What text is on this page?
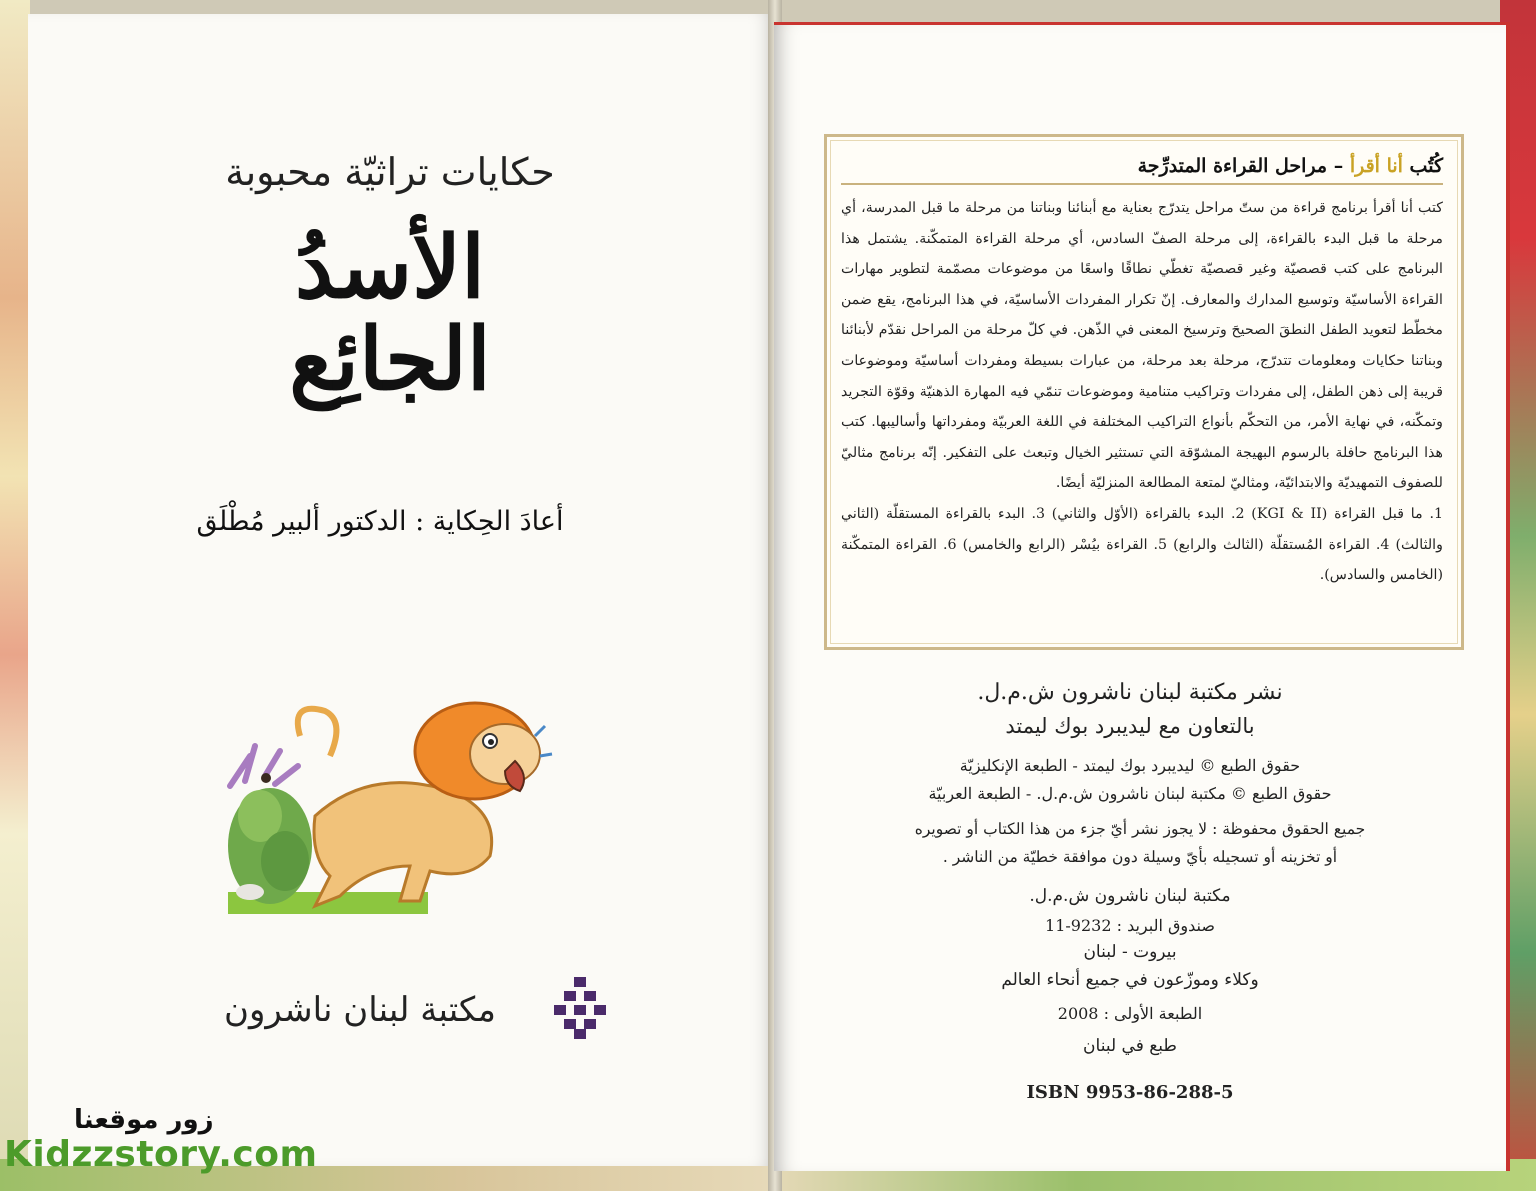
حكايات تراثيّة محبوبة
الأسدُ
الجائِع
أعادَ الحِكاية : الدكتور ألبير مُطْلَق
مكتبة لبنان ناشرون
زور موقعنا
Kidzzstory.com
كُتُب أنا أقرأ – مراحل القراءة المتدرِّجة

كتب أنا أقرأ برنامج قراءة من ستّ مراحل يتدرّج بعناية مع أبنائنا وبناتنا من مرحلة ما قبل المدرسة، أي مرحلة ما قبل البدء بالقراءة، إلى مرحلة الصفّ السادس، أي مرحلة القراءة المتمكّنة. يشتمل هذا البرنامج على كتب قصصيّة وغير قصصيّة تغطّي نطاقًا واسعًا من موضوعات مصمّمة لتطوير مهارات القراءة الأساسيّة وتوسيع المدارك والمعارف. إنّ تكرار المفردات الأساسيّة، في هذا البرنامج، يقع ضمن مخطّط لتعويد الطفل النطقَ الصحيحَ وترسيخ المعنى في الذّهن. في كلّ مرحلة من المراحل نقدّم لأبنائنا وبناتنا حكايات ومعلومات تتدرّج، مرحلة بعد مرحلة، من عبارات بسيطة ومفردات أساسيّة وموضوعات قريبة إلى ذهن الطفل، إلى مفردات وتراكيب متنامية وموضوعات تنمّي فيه المهارة الذهنيّة وقوّة التجريد وتمكّنه، في نهاية الأمر، من التحكّم بأنواع التراكيب المختلفة في اللغة العربيّة ومفرداتها وأساليبها. كتب هذا البرنامج حافلة بالرسوم البهيجة المشوّقة التي تستثير الخيال وتبعث على التفكير. إنّه برنامج مثاليّ للصفوف التمهيديّة والابتدائيّة، ومثاليّ لمتعة المطالعة المنزليّة أيضًا.

1. ما قبل القراءة (KGI & II) 2. البدء بالقراءة (الأوّل والثاني) 3. البدء بالقراءة المستقلّة (الثاني والثالث) 4. القراءة المُستقلّة (الثالث والرابع) 5. القراءة بيُسْر (الرابع والخامس) 6. القراءة المتمكّنة (الخامس والسادس).

نشر مكتبة لبنان ناشرون ش.م.ل.
بالتعاون مع ليديبرد بوك ليمتد
حقوق الطبع © ليديبرد بوك ليمتد - الطبعة الإنكليزيّة
حقوق الطبع © مكتبة لبنان ناشرون ش.م.ل. - الطبعة العربيّة
جميع الحقوق محفوظة : لا يجوز نشر أيّ جزء من هذا الكتاب أو تصويره
أو تخزينه أو تسجيله بأيّ وسيلة دون موافقة خطيّة من الناشر .
مكتبة لبنان ناشرون ش.م.ل.
صندوق البريد : 9232-11
بيروت - لبنان
وكلاء وموزّعون في جميع أنحاء العالم
الطبعة الأولى : 2008
طبع في لبنان
ISBN 9953-86-288-5
